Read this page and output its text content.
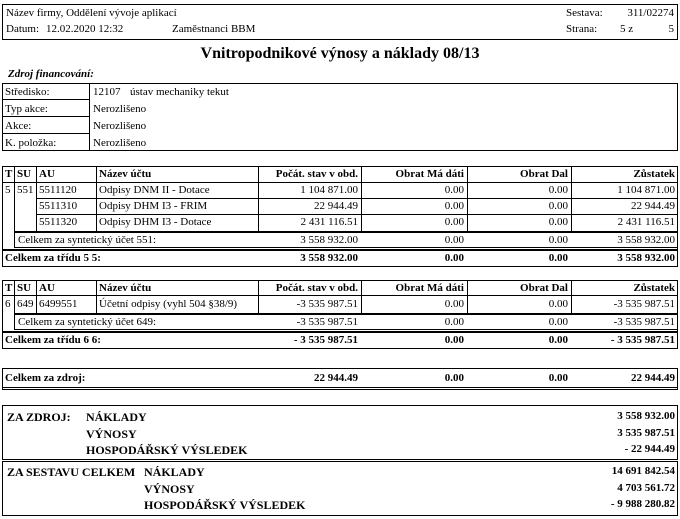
Název firmy, Oddělení vývoje aplikací
Datum: 12.02.2020 12:32	Zaměstnanci BBM
Sestava:	311/02274
Strana: 5 z	5
Vnitropodnikové výnosy a náklady 08/13
Zdroj financování:
Středisko:	12107 ústav mechaniky tekut
Typ akce:	Nerozlišeno
Akce:	Nerozlišeno
K. položka:	Nerozlišeno
T SU AU	Název účtu	Počát. stav v obd.	Obrat Má dáti	Obrat Dal	Zůstatek
5 551 5511120 Odpisy DNM II - Dotace	1 104 871.00	0.00	0.00	1 104 871.00
5511310 Odpisy DHM I3 - FRIM	22 944.49	0.00	0.00	22 944.49
5511320 Odpisy DHM I3 - Dotace	2 431 116.51	0.00	0.00	2 431 116.51
Celkem za syntetický účet 551:	3 558 932.00	0.00	0.00	3 558 932.00
Celkem za třídu 5 5:	3 558 932.00	0.00	0.00	3 558 932.00
T SU AU	Název účtu	Počát. stav v obd.	Obrat Má dáti	Obrat Dal	Zůstatek
6 649 6499551 Účetní odpisy (vyhl 504 §38/9)	-3 535 987.51	0.00	0.00	-3 535 987.51
Celkem za syntetický účet 649:	-3 535 987.51	0.00	0.00	-3 535 987.51
Celkem za třídu 6 6:	- 3 535 987.51	0.00	0.00	- 3 535 987.51
Celkem za zdroj:	22 944.49	0.00	0.00	22 944.49
ZA ZDROJ: NÁKLADY	3 558 932.00
VÝNOSY	3 535 987.51
HOSPODÁŘSKÝ VÝSLEDEK	- 22 944.49
ZA SESTAVU CELKEM NÁKLADY	14 691 842.54
VÝNOSY	4 703 561.72
HOSPODÁŘSKÝ VÝSLEDEK	- 9 988 280.82
